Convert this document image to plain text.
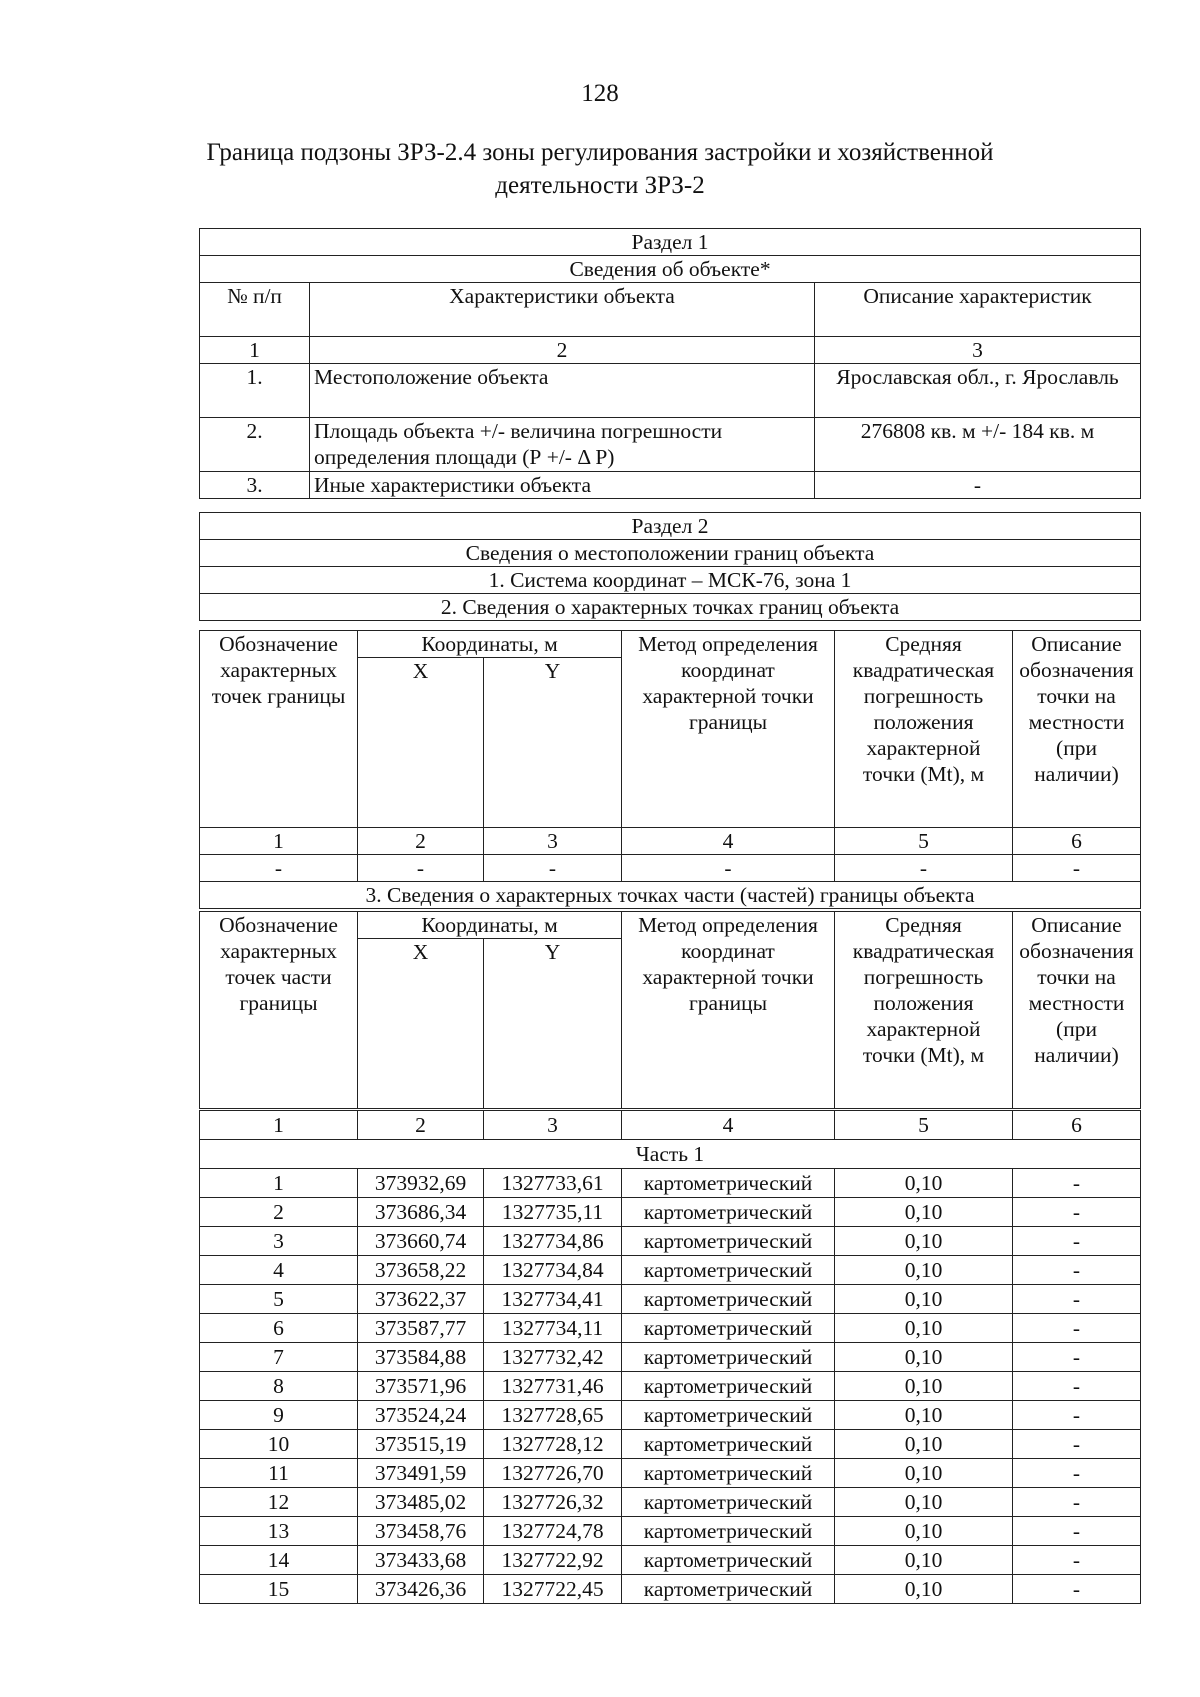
128
Граница подзоны ЗРЗ-2.4 зоны регулирования застройки и хозяйственной
деятельности ЗРЗ-2
Раздел 1		
Сведения об объекте*		
№ п/п	Характеристики объекта	Описание характеристик
1	2	3
1.	Местоположение объекта	Ярославская обл., г. Ярославль
2.	Площадь объекта +/- величина погрешности определения площади (Р +/- Δ Р)	276808 кв. м +/- 184 кв. м
3.	Иные характеристики объекта	-
Раздел 2
Сведения о местоположении границ объекта
1. Система координат – МСК-76, зона 1
2. Сведения о характерных точках границ объекта
Обозначение характерных точек границы	Координаты, м		Метод определения координат характерной точки границы	Средняя квадратическая погрешность положения характерной точки (Mt), м	Описание обозначения точки на местности (при наличии)
	X	Y			
1	2	3	4	5	6
-	-	-	-	-	-
3. Сведения о характерных точках части (частей) границы объекта					
Обозначение характерных точек части границы	Координаты, м		Метод определения координат характерной точки границы	Средняя квадратическая погрешность положения характерной точки (Mt), м	Описание обозначения точки на местности (при наличии)
	X	Y			
1	2	3	4	5	6
Часть 1					
1	373932,69	1327733,61	картометрический	0,10	-
2	373686,34	1327735,11	картометрический	0,10	-
3	373660,74	1327734,86	картометрический	0,10	-
4	373658,22	1327734,84	картометрический	0,10	-
5	373622,37	1327734,41	картометрический	0,10	-
6	373587,77	1327734,11	картометрический	0,10	-
7	373584,88	1327732,42	картометрический	0,10	-
8	373571,96	1327731,46	картометрический	0,10	-
9	373524,24	1327728,65	картометрический	0,10	-
10	373515,19	1327728,12	картометрический	0,10	-
11	373491,59	1327726,70	картометрический	0,10	-
12	373485,02	1327726,32	картометрический	0,10	-
13	373458,76	1327724,78	картометрический	0,10	-
14	373433,68	1327722,92	картометрический	0,10	-
15	373426,36	1327722,45	картометрический	0,10	-
